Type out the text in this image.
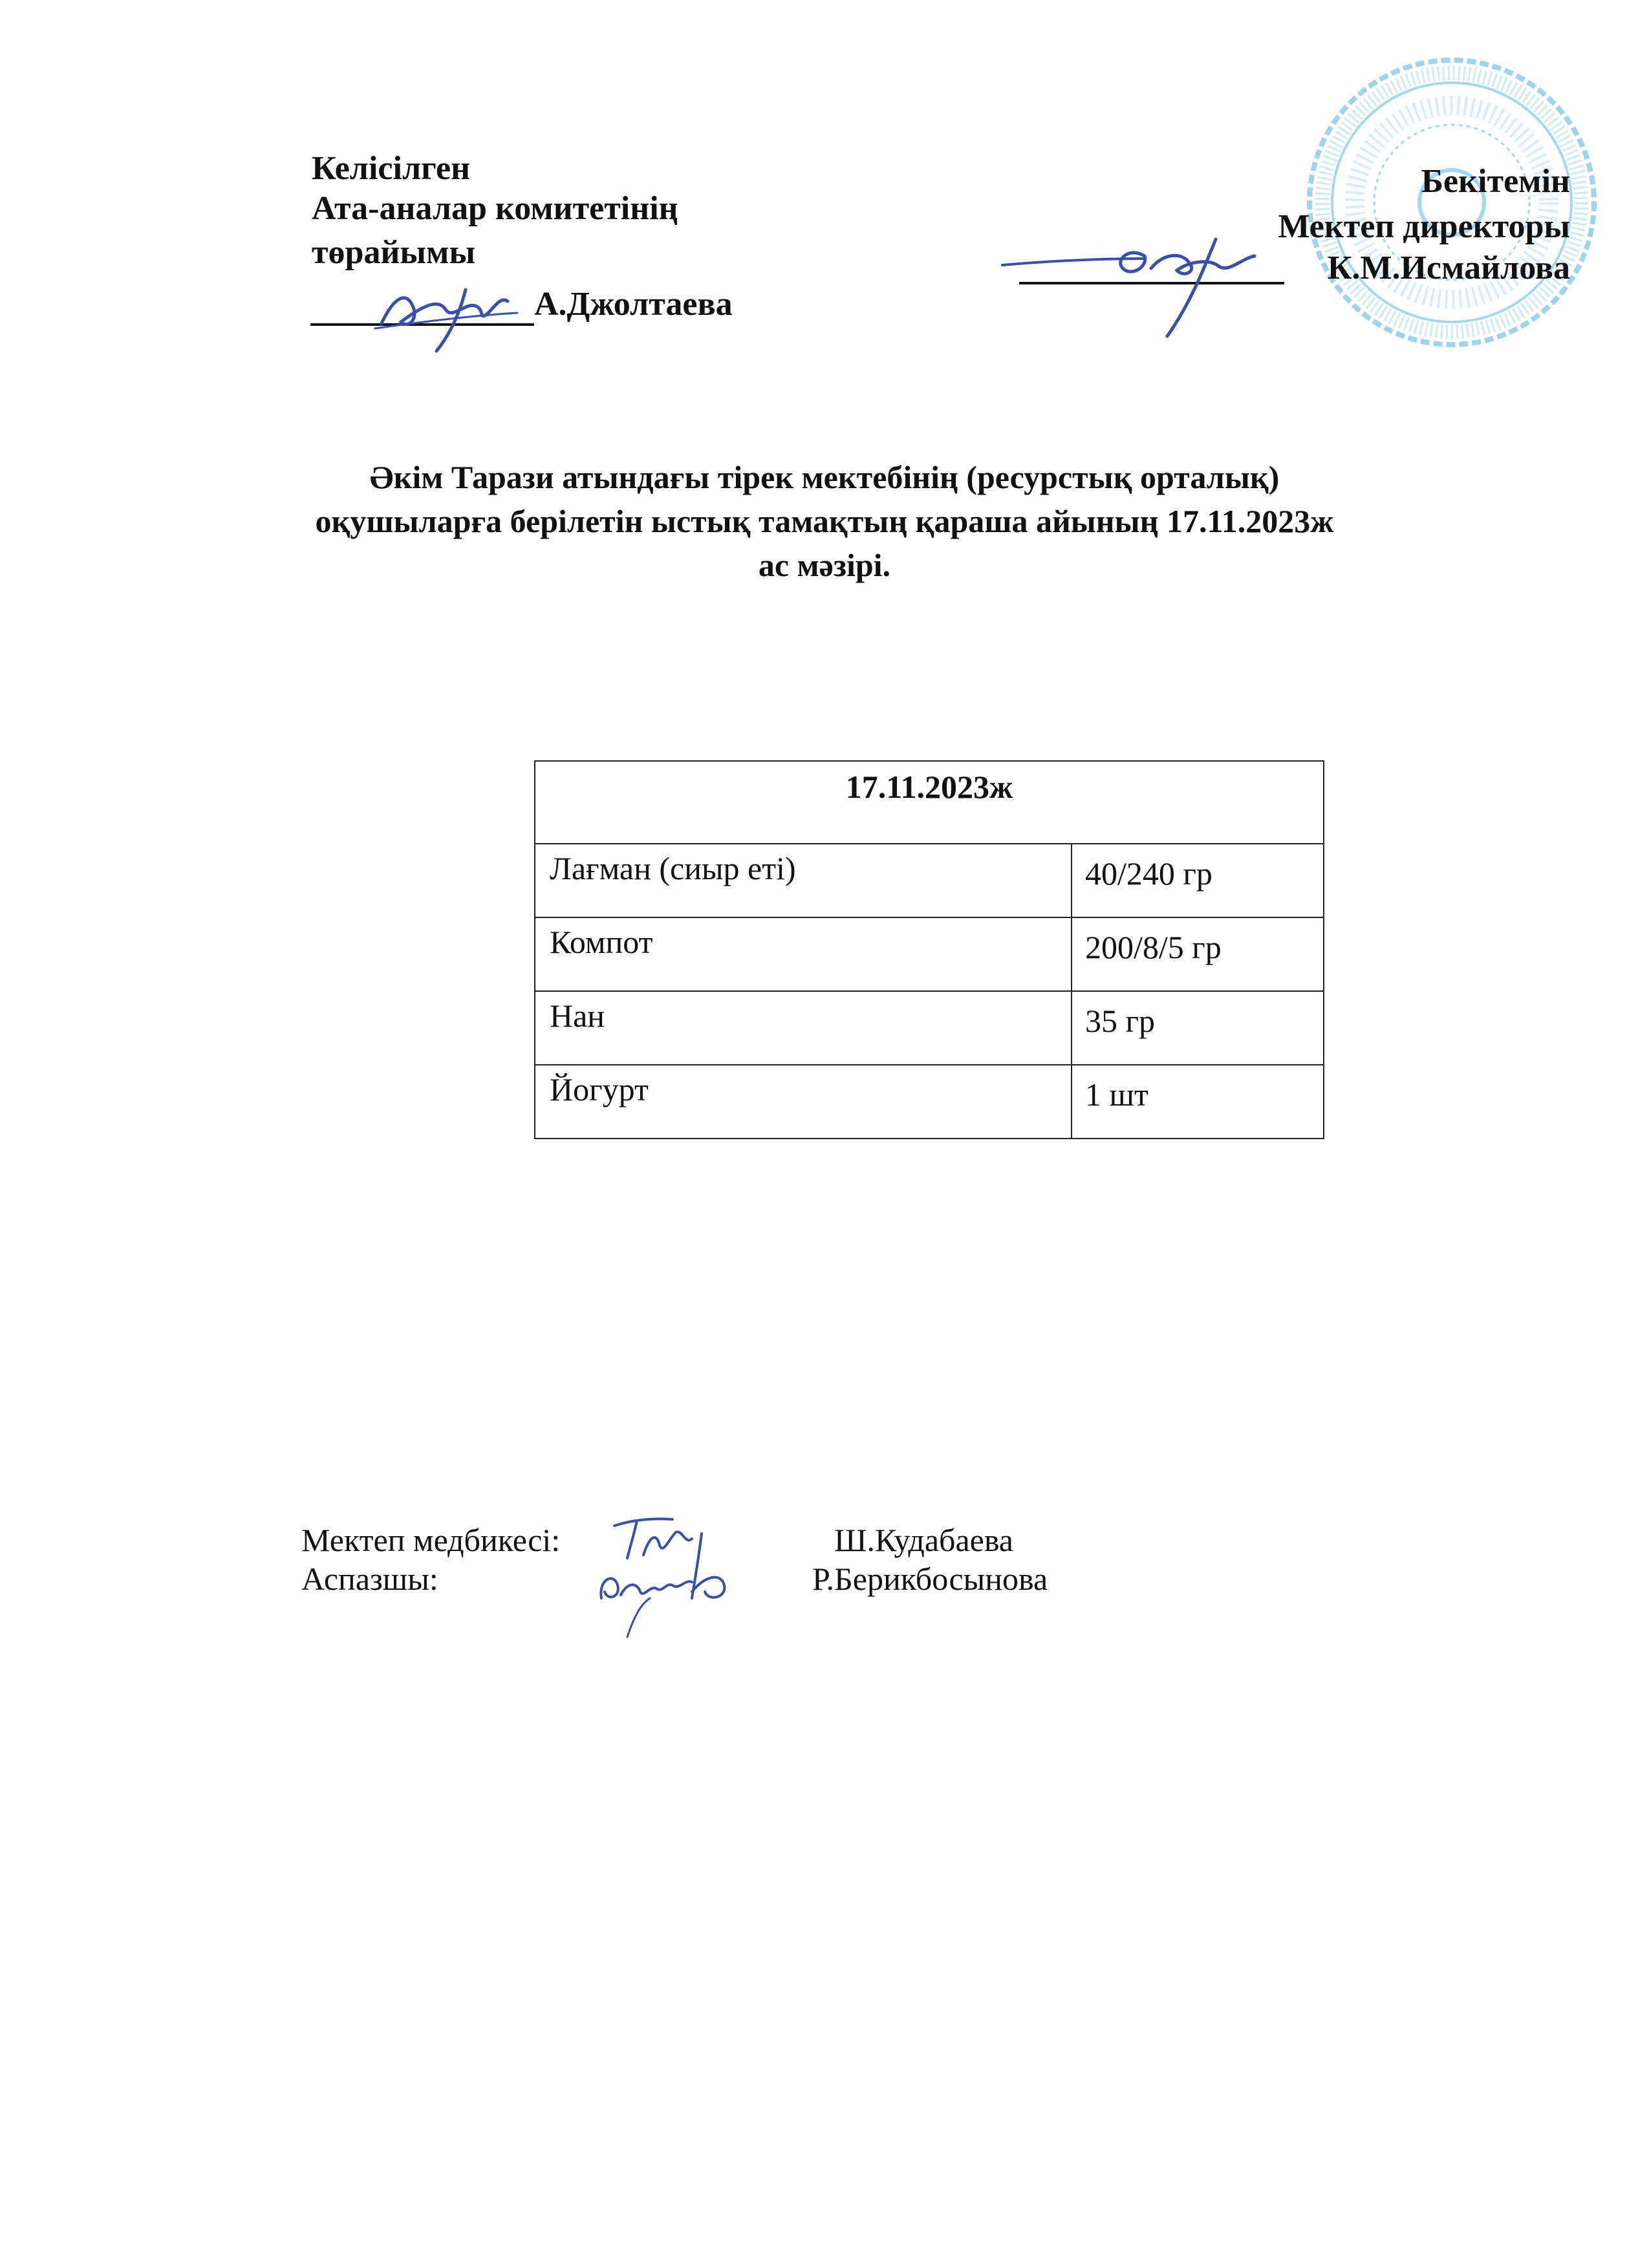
Келісілген
Ата-аналар комитетінің
төрайымы
А.Джолтаева
Бекітемін
Мектеп директоры
К.М.Исмайлова
Әкім Тарази атындағы тірек мектебінің (ресурстық орталық)
оқушыларға берілетін ыстық тамақтың қараша айының 17.11.2023ж
ас мәзірі.
17.11.2023ж	
Лағман (сиыр еті)	40/240 гр
Компот	200/8/5 гр
Нан	35 гр
Йогурт	1 шт
Мектеп медбикесі:	Ш.Кудабаева
Аспазшы:	Р.Берикбосынова
